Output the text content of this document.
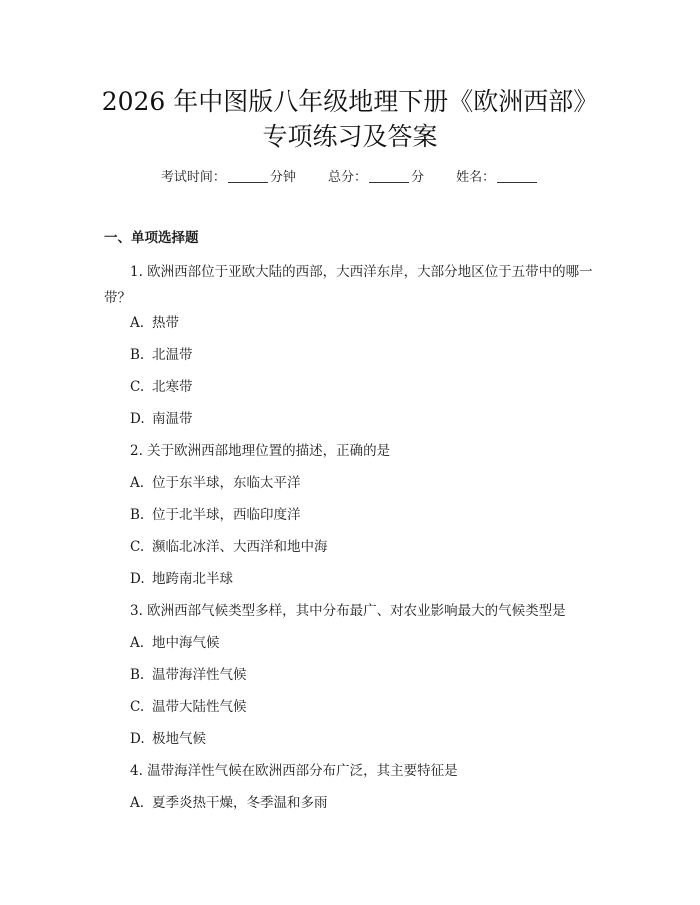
2026 年中图版八年级地理下册《欧洲西部》
专项练习及答案
考试时间：	分钟 总分：	分 姓名：
一、单项选择题
1. 欧洲西部位于亚欧大陆的西部，大西洋东岸，大部分地区位于五带中的哪一带？
A. 热带
B. 北温带
C. 北寒带
D. 南温带
2. 关于欧洲西部地理位置的描述，正确的是
A. 位于东半球，东临太平洋
B. 位于北半球，西临印度洋
C. 濒临北冰洋、大西洋和地中海
D. 地跨南北半球
3. 欧洲西部气候类型多样，其中分布最广、对农业影响最大的气候类型是
A. 地中海气候
B. 温带海洋性气候
C. 温带大陆性气候
D. 极地气候
4. 温带海洋性气候在欧洲西部分布广泛，其主要特征是
A. 夏季炎热干燥，冬季温和多雨
